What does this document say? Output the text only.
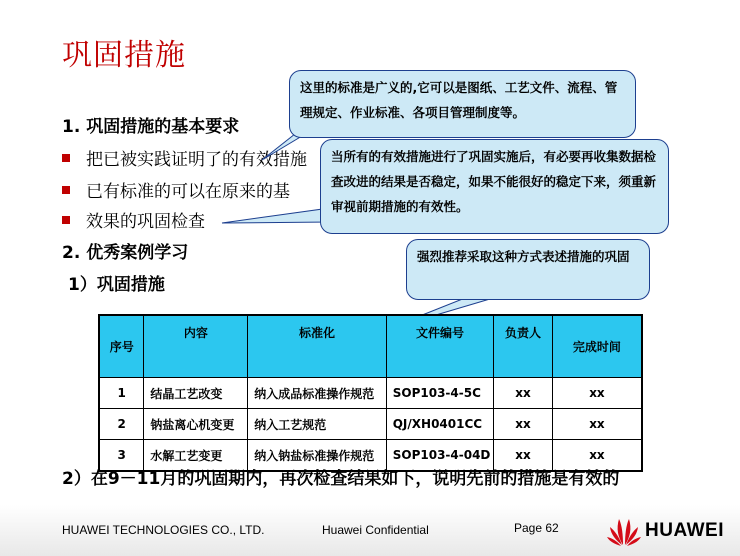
巩固措施
1. 巩固措施的基本要求
把已被实践证明了的有效措施
已有标准的可以在原来的基
效果的巩固检查
2. 优秀案例学习
1）巩固措施
这里的标准是广义的,它可以是图纸、工艺文件、流程、管理规定、作业标准、各项目管理制度等。
当所有的有效措施进行了巩固实施后，有必要再收集数据检查改进的结果是否稳定，如果不能很好的稳定下来，须重新审视前期措施的有效性。
强烈推荐采取这种方式表述措施的巩固
序号	内容	标准化	文件编号	负责人	完成时间
1	结晶工艺改变	纳入成品标准操作规范	SOP103-4-5C	xx	xx
2	钠盐离心机变更	纳入工艺规范	QJ/XH0401CC	xx	xx
3	水解工艺变更	纳入钠盐标准操作规范	SOP103-4-04D	xx	xx
2）在9－11月的巩固期内，再次检查结果如下，说明先前的措施是有效的
HUAWEI TECHNOLOGIES CO., LTD.	Huawei Confidential	Page 62	HUAWEI
